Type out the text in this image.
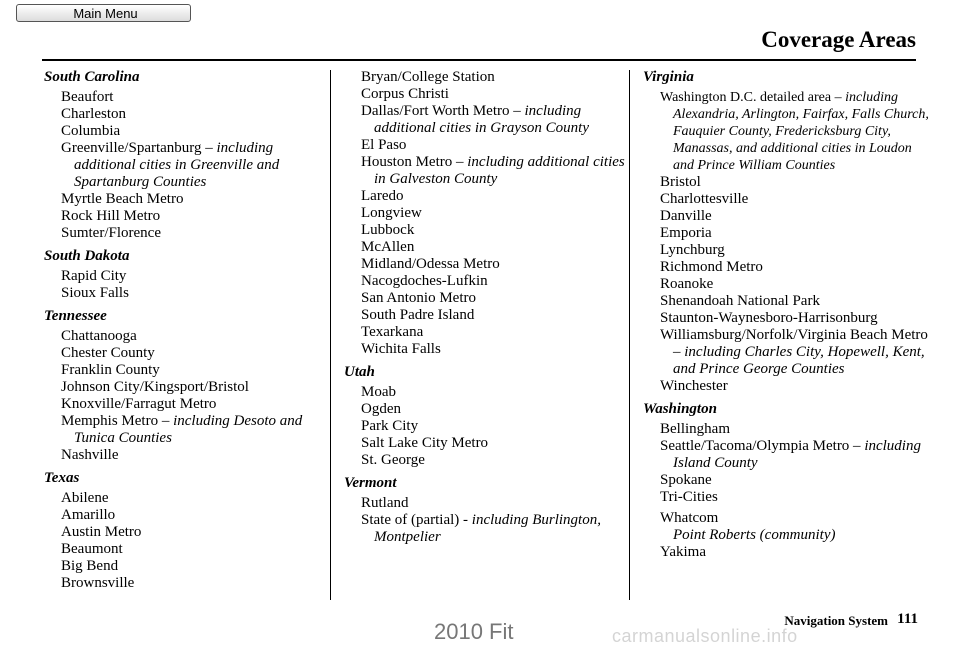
Main Menu
Coverage Areas

South Carolina

Beaufort
Charleston
Columbia
Greenville/Spartanburg – including additional cities in Greenville and Spartanburg Counties
Myrtle Beach Metro
Rock Hill Metro
Sumter/Florence

South Dakota

Rapid City
Sioux Falls

Tennessee

Chattanooga
Chester County
Franklin County
Johnson City/Kingsport/Bristol
Knoxville/Farragut Metro
Memphis Metro – including Desoto and Tunica Counties
Nashville

Texas

Abilene
Amarillo
Austin Metro
Beaumont
Big Bend
Brownsville
Bryan/College Station
Corpus Christi
Dallas/Fort Worth Metro – including additional cities in Grayson County
El Paso
Houston Metro – including additional cities in Galveston County
Laredo
Longview
Lubbock
McAllen
Midland/Odessa Metro
Nacogdoches-Lufkin
San Antonio Metro
South Padre Island
Texarkana
Wichita Falls

Utah

Moab
Ogden
Park City
Salt Lake City Metro
St. George

Vermont

Rutland
State of (partial) - including Burlington, Montpelier

Virginia

Washington D.C. detailed area – including Alexandria, Arlington, Fairfax, Falls Church, Fauquier County, Fredericksburg City, Manassas, and additional cities in Loudon and Prince William Counties
Bristol
Charlottesville
Danville
Emporia
Lynchburg
Richmond Metro
Roanoke
Shenandoah National Park
Staunton-Waynesboro-Harrisonburg
Williamsburg/Norfolk/Virginia Beach Metro – including Charles City, Hopewell, Kent, and Prince George Counties
Winchester

Washington

Bellingham
Seattle/Tacoma/Olympia Metro – including Island County
Spokane
Tri-Cities
Whatcom
Point Roberts (community)
Yakima
Navigation System 111
2010 Fit	carmanualsonline.info
